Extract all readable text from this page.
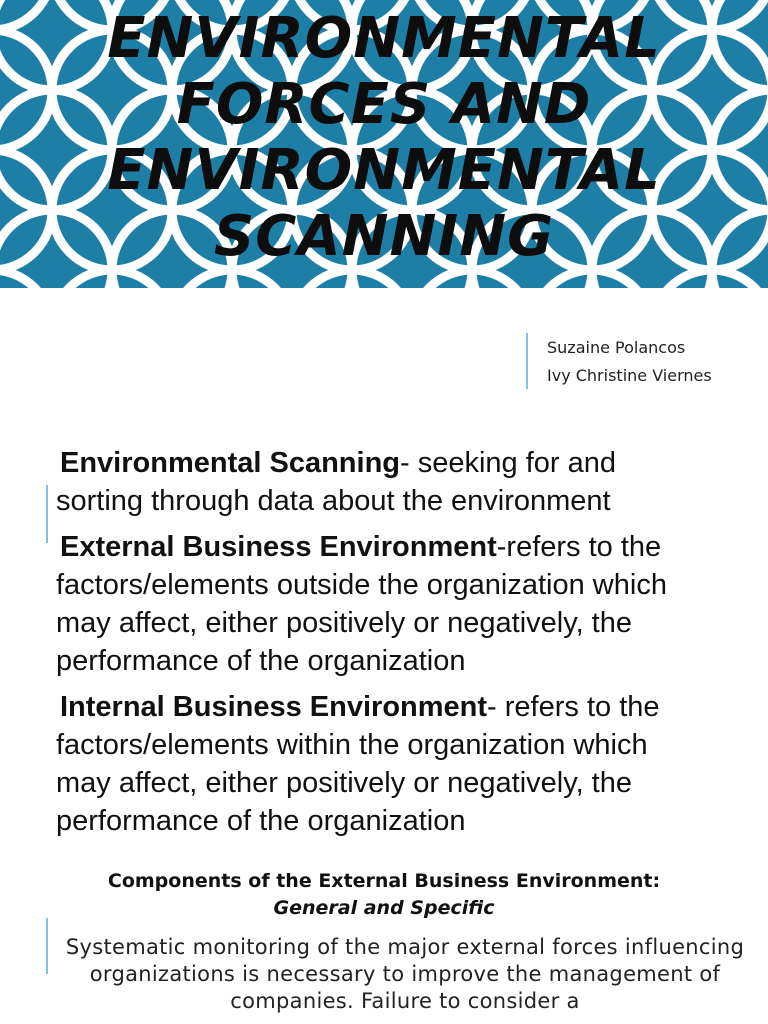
ENVIRONMENTAL
FORCES AND
ENVIRONMENTAL
SCANNING
Suzaine Polancos
Ivy Christine Viernes

Environmental Scanning- seeking for and sorting through data about the environment

External Business Environment-refers to the factors/elements outside the organization which may affect, either positively or negatively, the performance of the organization

Internal Business Environment- refers to the factors/elements within the organization which may affect, either positively or negatively, the performance of the organization

Components of the External Business Environment:
General and Specific
Systematic monitoring of the major external forces influencing organizations is necessary to improve the management of companies. Failure to consider a
